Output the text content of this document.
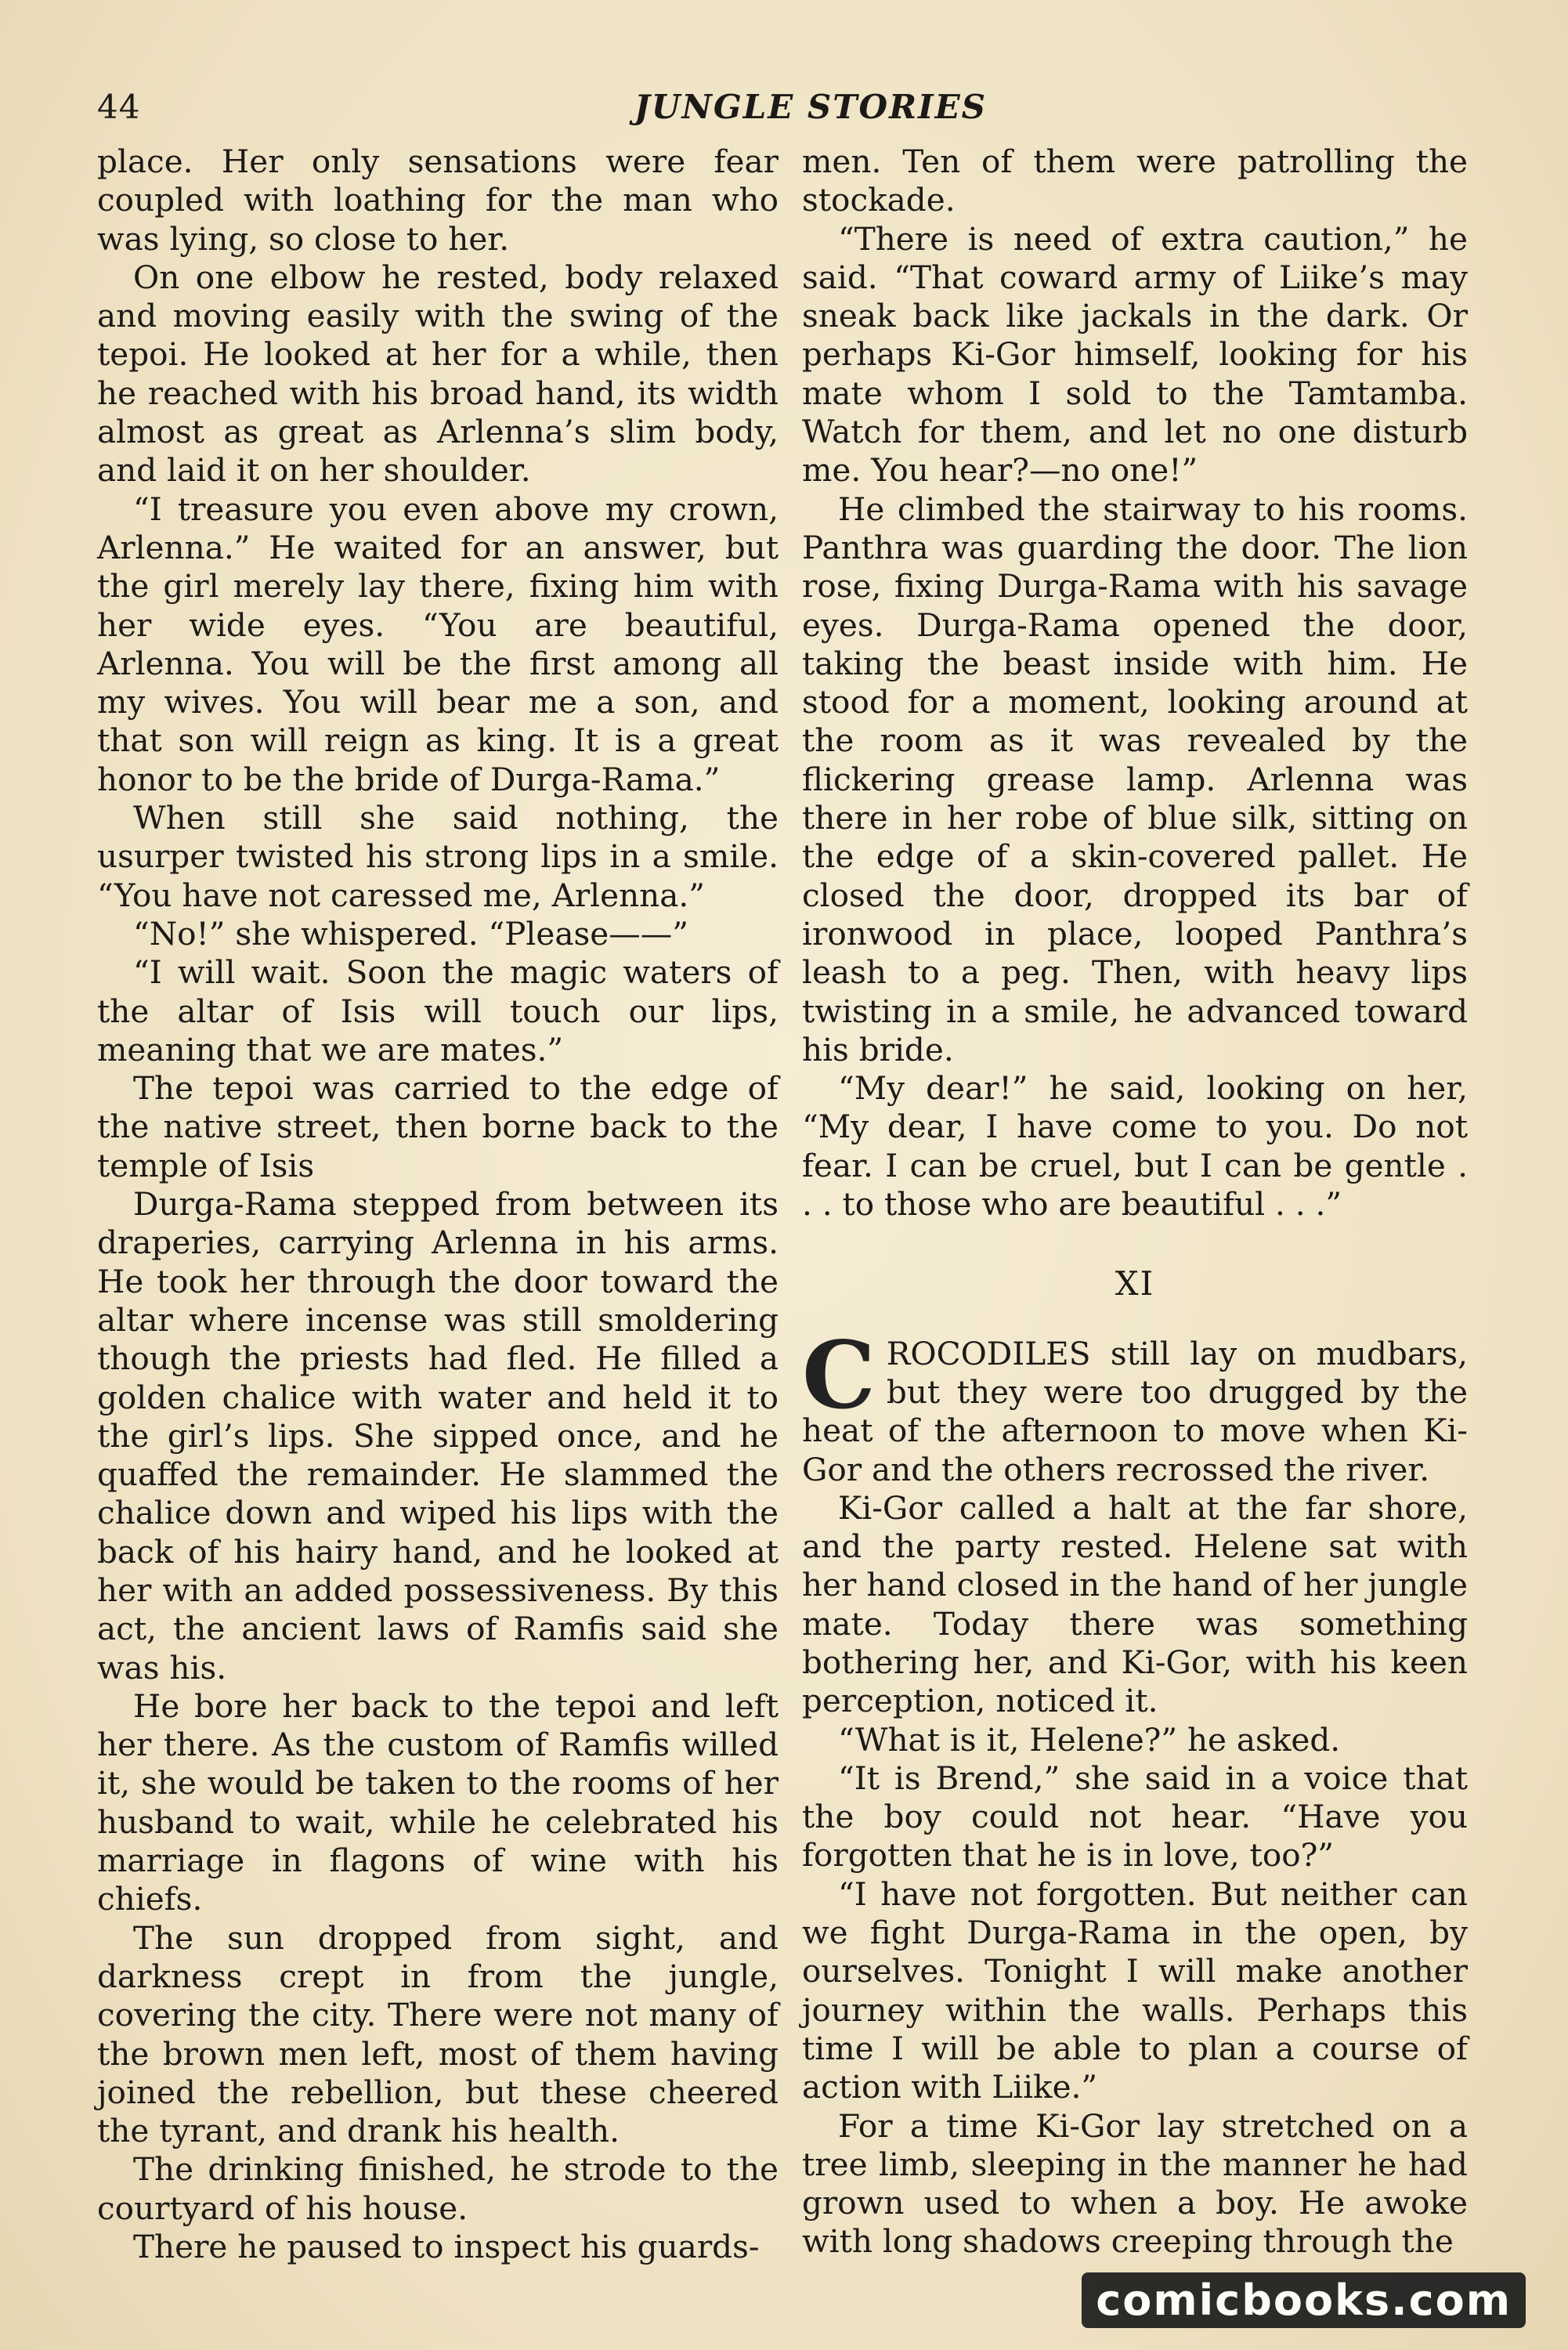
44	JUNGLE STORIES

place. Her only sensations were fear coupled with loathing for the man who was lying, so close to her.

On one elbow he rested, body relaxed and moving easily with the swing of the tepoi. He looked at her for a while, then he reached with his broad hand, its width almost as great as Arlenna’s slim body, and laid it on her shoulder.

“I treasure you even above my crown, Arlenna.” He waited for an answer, but the girl merely lay there, fixing him with her wide eyes. “You are beautiful, Arlenna. You will be the first among all my wives. You will bear me a son, and that son will reign as king. It is a great honor to be the bride of Durga-Rama.”

When still she said nothing, the usurper twisted his strong lips in a smile. “You have not caressed me, Arlenna.”

“No!” she whispered. “Please——”

“I will wait. Soon the magic waters of the altar of Isis will touch our lips, meaning that we are mates.”

The tepoi was carried to the edge of the native street, then borne back to the temple of Isis

Durga-Rama stepped from between its draperies, carrying Arlenna in his arms. He took her through the door toward the altar where incense was still smoldering though the priests had fled. He filled a golden chalice with water and held it to the girl’s lips. She sipped once, and he quaffed the remainder. He slammed the chalice down and wiped his lips with the back of his hairy hand, and he looked at her with an added possessiveness. By this act, the ancient laws of Ramfis said she was his.

He bore her back to the tepoi and left her there. As the custom of Ramfis willed it, she would be taken to the rooms of her husband to wait, while he celebrated his marriage in flagons of wine with his chiefs.

The sun dropped from sight, and darkness crept in from the jungle, covering the city. There were not many of the brown men left, most of them having joined the rebellion, but these cheered the tyrant, and drank his health.

The drinking finished, he strode to the courtyard of his house.

There he paused to inspect his guards-

men. Ten of them were patrolling the stockade.

“There is need of extra caution,” he said. “That coward army of Liike’s may sneak back like jackals in the dark. Or perhaps Ki-Gor himself, looking for his mate whom I sold to the Tamtamba. Watch for them, and let no one disturb me. You hear?—no one!”

He climbed the stairway to his rooms. Panthra was guarding the door. The lion rose, fixing Durga-Rama with his savage eyes. Durga-Rama opened the door, taking the beast inside with him. He stood for a moment, looking around at the room as it was revealed by the flickering grease lamp. Arlenna was there in her robe of blue silk, sitting on the edge of a skin-covered pallet. He closed the door, dropped its bar of ironwood in place, looped Panthra’s leash to a peg. Then, with heavy lips twisting in a smile, he advanced toward his bride.

“My dear!” he said, looking on her, “My dear, I have come to you. Do not fear. I can be cruel, but I can be gentle . . . to those who are beautiful . . .”

XI

CROCODILES still lay on mudbars, but they were too drugged by the heat of the afternoon to move when Ki-Gor and the others recrossed the river.

Ki-Gor called a halt at the far shore, and the party rested. Helene sat with her hand closed in the hand of her jungle mate. Today there was something bothering her, and Ki-Gor, with his keen perception, noticed it.

“What is it, Helene?” he asked.

“It is Brend,” she said in a voice that the boy could not hear. “Have you forgotten that he is in love, too?”

“I have not forgotten. But neither can we fight Durga-Rama in the open, by ourselves. Tonight I will make another journey within the walls. Perhaps this time I will be able to plan a course of action with Liike.”

For a time Ki-Gor lay stretched on a tree limb, sleeping in the manner he had grown used to when a boy. He awoke with long shadows creeping through the

comicbooks.com
